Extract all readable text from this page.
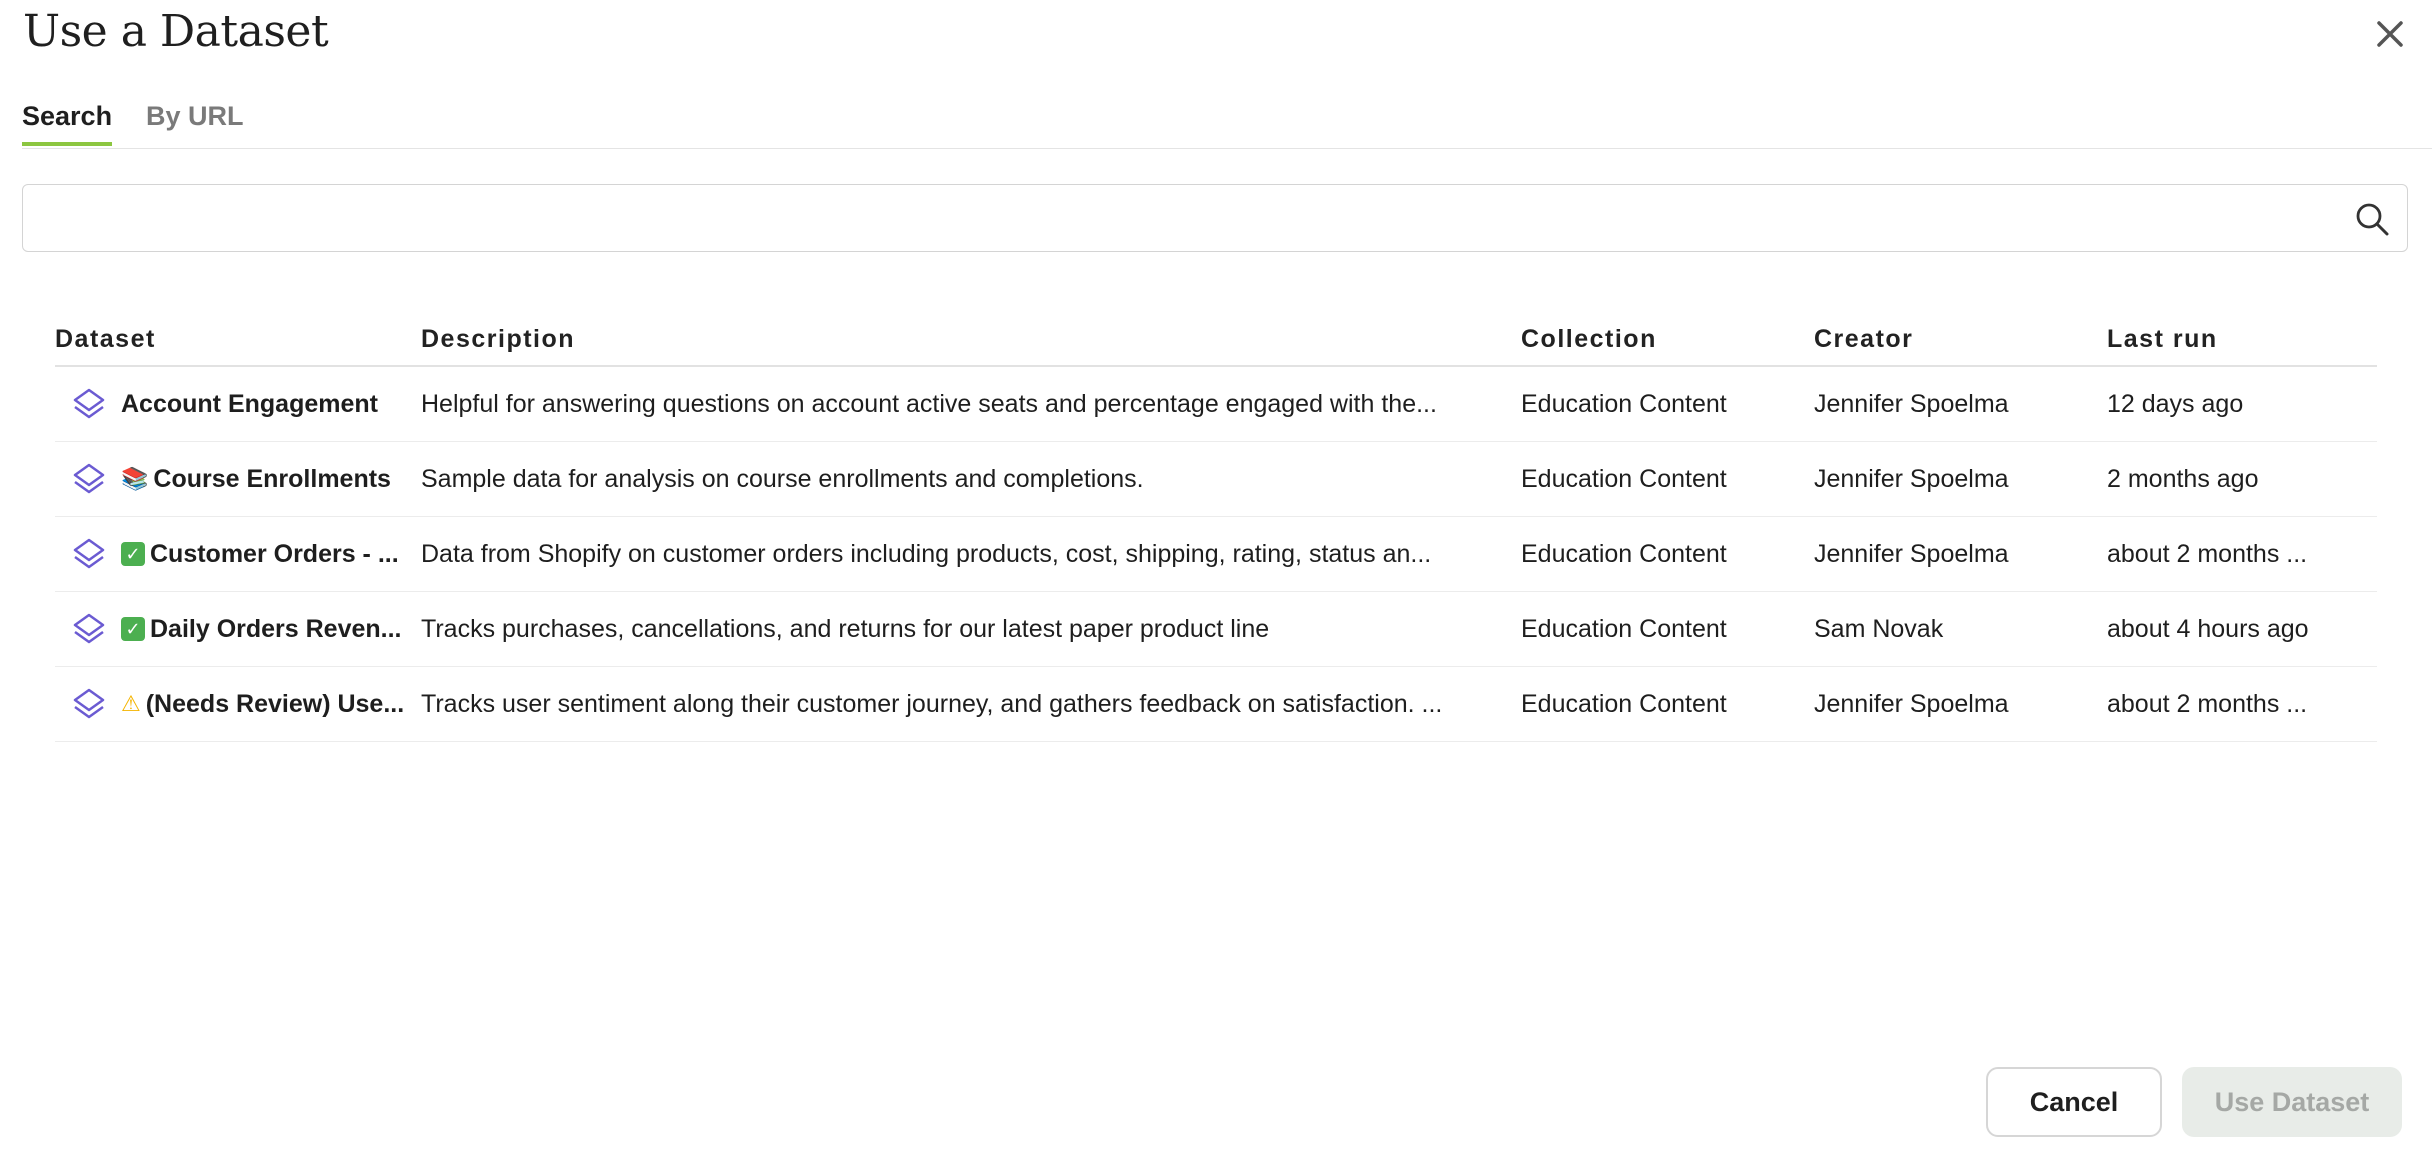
Use a Dataset
Search By URL
Dataset	Description	Collection	Creator	Last run

Account Engagement	Helpful for answering questions on account active seats and percentage engaged with the...	Education Content	Jennifer Spoelma	12 days ago

📚 Course Enrollments	Sample data for analysis on course enrollments and completions.	Education Content	Jennifer Spoelma	2 months ago

✓ Customer Orders - ...	Data from Shopify on customer orders including products, cost, shipping, rating, status an...	Education Content	Jennifer Spoelma	about 2 months ...

✓ Daily Orders Reven...	Tracks purchases, cancellations, and returns for our latest paper product line	Education Content	Sam Novak	about 4 hours ago

⚠ (Needs Review) Use...	Tracks user sentiment along their customer journey, and gathers feedback on satisfaction. ...	Education Content	Jennifer Spoelma	about 2 months ...
Cancel	Use Dataset
